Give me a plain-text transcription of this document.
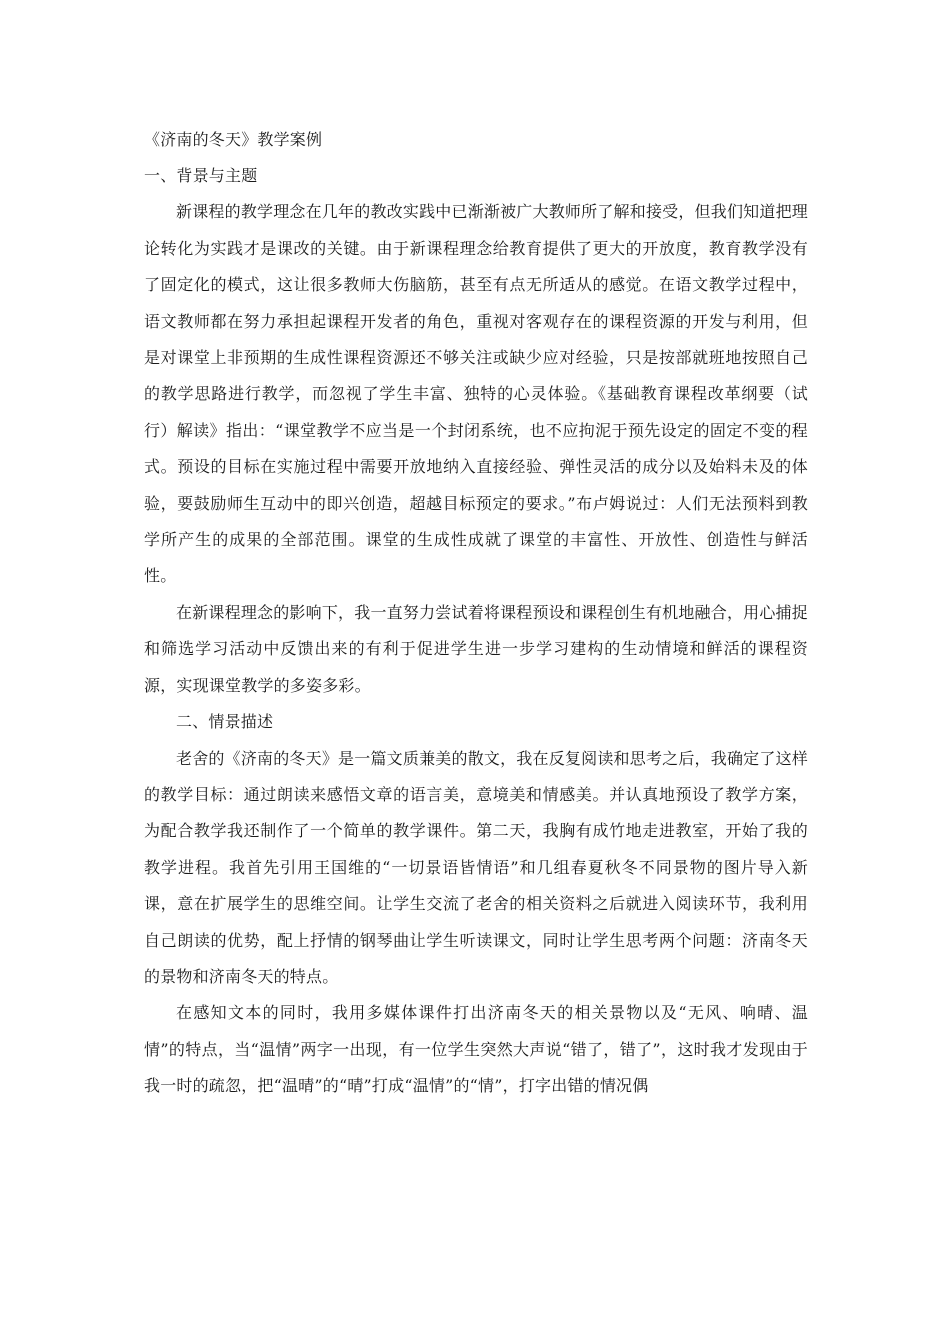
《济南的冬天》教学案例
一、背景与主题

新课程的教学理念在几年的教改实践中已渐渐被广大教师所了解和接受，但我们知道把理论转化为实践才是课改的关键。由于新课程理念给教育提供了更大的开放度，教育教学没有了固定化的模式，这让很多教师大伤脑筋，甚至有点无所适从的感觉。在语文教学过程中，语文教师都在努力承担起课程开发者的角色，重视对客观存在的课程资源的开发与利用，但是对课堂上非预期的生成性课程资源还不够关注或缺少应对经验，只是按部就班地按照自己的教学思路进行教学，而忽视了学生丰富、独特的心灵体验。《基础教育课程改革纲要（试行）解读》指出：“课堂教学不应当是一个封闭系统，也不应拘泥于预先设定的固定不变的程式。预设的目标在实施过程中需要开放地纳入直接经验、弹性灵活的成分以及始料未及的体验，要鼓励师生互动中的即兴创造，超越目标预定的要求。”布卢姆说过：人们无法预料到教学所产生的成果的全部范围。课堂的生成性成就了课堂的丰富性、开放性、创造性与鲜活性。

在新课程理念的影响下，我一直努力尝试着将课程预设和课程创生有机地融合，用心捕捉和筛选学习活动中反馈出来的有利于促进学生进一步学习建构的生动情境和鲜活的课程资源，实现课堂教学的多姿多彩。

二、情景描述

老舍的《济南的冬天》是一篇文质兼美的散文，我在反复阅读和思考之后，我确定了这样的教学目标：通过朗读来感悟文章的语言美，意境美和情感美。并认真地预设了教学方案，为配合教学我还制作了一个简单的教学课件。第二天，我胸有成竹地走进教室，开始了我的教学进程。我首先引用王国维的“一切景语皆情语”和几组春夏秋冬不同景物的图片导入新课，意在扩展学生的思维空间。让学生交流了老舍的相关资料之后就进入阅读环节，我利用自己朗读的优势，配上抒情的钢琴曲让学生听读课文，同时让学生思考两个问题：济南冬天的景物和济南冬天的特点。

在感知文本的同时，我用多媒体课件打出济南冬天的相关景物以及“无风、响晴、温情”的特点，当“温情”两字一出现，有一位学生突然大声说“错了，错了”，这时我才发现由于我一时的疏忽，把“温晴”的“晴”打成“温情”的“情”，打字出错的情况偶
